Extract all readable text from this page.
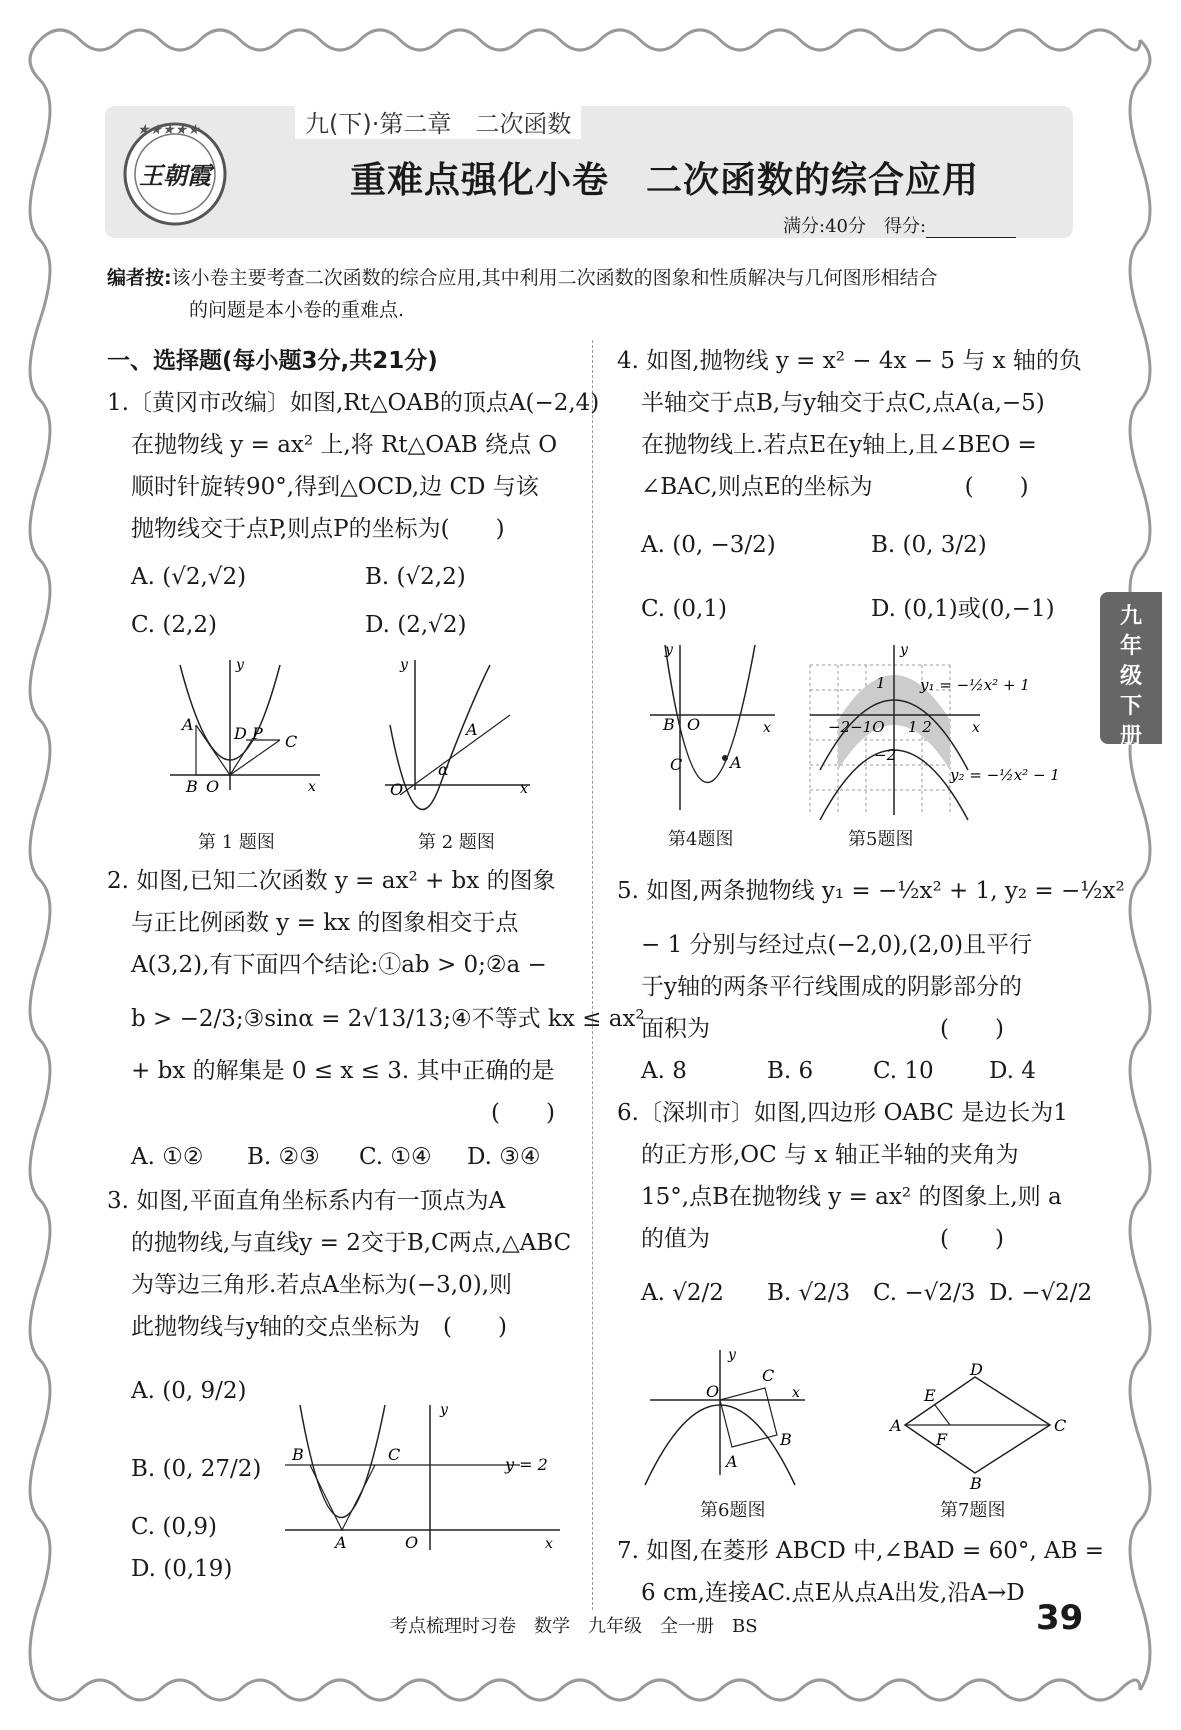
★★★★★
王朝霞
九(下)·第二章　二次函数
重难点强化小卷　二次函数的综合应用
满分:40分　得分:
编者按:该小卷主要考查二次函数的综合应用,其中利用二次函数的图象和性质解决与几何图形相结合
的问题是本小卷的重难点.
一、选择题(每小题3分,共21分)
1.〔黄冈市改编〕如图,Rt△OAB的顶点A(−2,4)
在抛物线 y = ax² 上,将 Rt△OAB 绕点 O
顺时针旋转90°,得到△OCD,边 CD 与该
抛物线交于点P,则点P的坐标为(　　)
A. (√2,√2)	B. (√2,2)
C. (2,2)	D. (2,√2)
2. 如图,已知二次函数 y = ax² + bx 的图象
与正比例函数 y = kx 的图象相交于点
A(3,2),有下面四个结论:①ab > 0;②a −
b > −2/3;③sinα = 2√13/13;④不等式 kx ≤ ax²
+ bx 的解集是 0 ≤ x ≤ 3. 其中正确的是
(　　)
A. ①② B. ②③ C. ①④ D. ③④
3. 如图,平面直角坐标系内有一顶点为A
的抛物线,与直线y = 2交于B,C两点,△ABC
为等边三角形.若点A坐标为(−3,0),则
此抛物线与y轴的交点坐标为　(　　)
A. (0, 9/2)
B. (0, 27/2)
C. (0,9)
D. (0,19)
A
B O
D P C
y
x
第 1 题图
O
α
A
y
x
第 2 题图
B	C
A	O
y
x
y = 2
4. 如图,抛物线 y = x² − 4x − 5 与 x 轴的负
半轴交于点B,与y轴交于点C,点A(a,−5)
在抛物线上.若点E在y轴上,且∠BEO =
∠BAC,则点E的坐标为　　　　(　　)
A. (0, −3/2)	B. (0, 3/2)
C. (0,1)	D. (0,1)或(0,−1)
5. 如图,两条抛物线 y₁ = −½x² + 1, y₂ = −½x²
− 1 分别与经过点(−2,0),(2,0)且平行
于y轴的两条平行线围成的阴影部分的
面积为　　　　　　　　　　(　　)
A. 8	B. 6	C. 10 D. 4
6.〔深圳市〕如图,四边形 OABC 是边长为1
的正方形,OC 与 x 轴正半轴的夹角为
15°,点B在抛物线 y = ax² 的图象上,则 a
的值为　　　　　　　　　　(　　)
A. √2/2 B. √2/3 C. −√2/3 D. −√2/2
7. 如图,在菱形 ABCD 中,∠BAD = 60°, AB =
6 cm,连接AC.点E从点A出发,沿A→D
B O
C	A
y
x
第4题图
−2−1O 1 2
1
−2
y
x
y₁ = −½x² + 1
y₂ = −½x² − 1
第5题图
O
C
B
A
y
x
第6题图
A
D
C
B
E
F
第7题图
九年级下册
考点梳理时习卷　数学　九年级　全一册　BS	39
